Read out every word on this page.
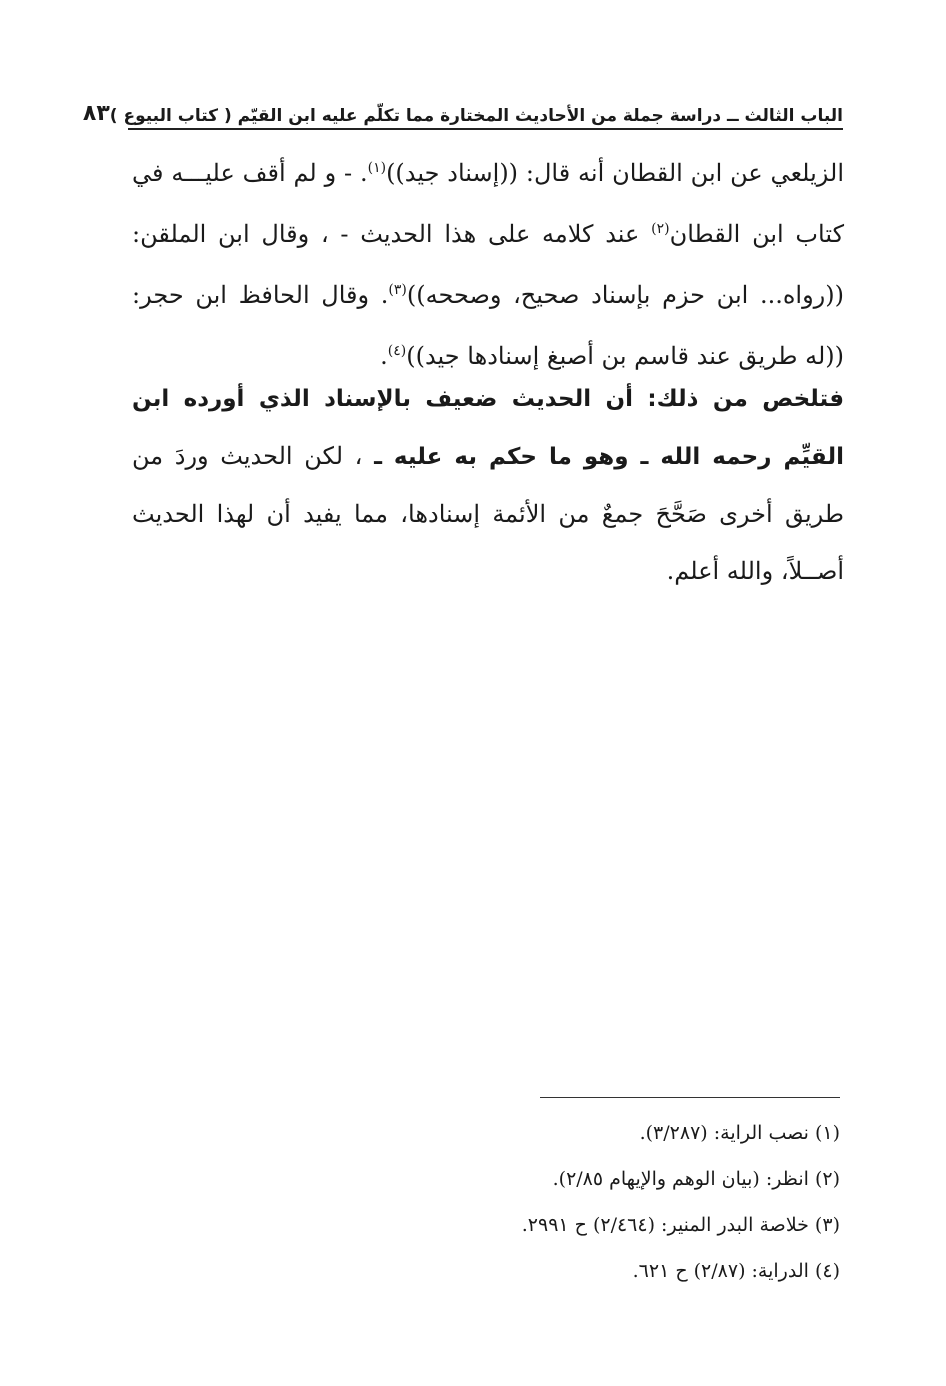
الباب الثالث ــ دراسة جملة من الأحاديث المختارة مما تكلّم عليه ابن القيّم ( كتاب البيوع )
٨٣
الزيلعي عن ابن القطان أنه قال: ((إسناد جيد))$^{(١)}$. - و لم أقف عليـــه في كتاب ابن القطان$^{(٢)}$ عند كلامه على هذا الحديث - ، وقال ابن الملقن: ((رواه... ابن حزم بإسناد صحيح، وصححه))$^{(٣)}$. وقال الحافظ ابن حجر: ((له طريق عند قاسم بن أصبغ إسنادها جيد))$^{(٤)}$.
فتلخص من ذلك: أن الحديث ضعيف بالإسناد الذي أورده ابن القيِّم رحمه الله ـ وهو ما حكم به عليه ـ ، لكن الحديث وردَ من طريق أخرى صَحَّحَ جمعٌ من الأئمة إسنادها، مما يفيد أن لهذا الحديث أصــلاً، والله أعلم.
(١) نصب الراية: (٣/٢٨٧).
(٢) انظر: (بيان الوهم والإيهام ٢/٨٥).
(٣) خلاصة البدر المنير: (٢/٤٦٤) ح ٢٩٩١.
(٤) الدراية: (٢/٨٧) ح ٦٢١.
